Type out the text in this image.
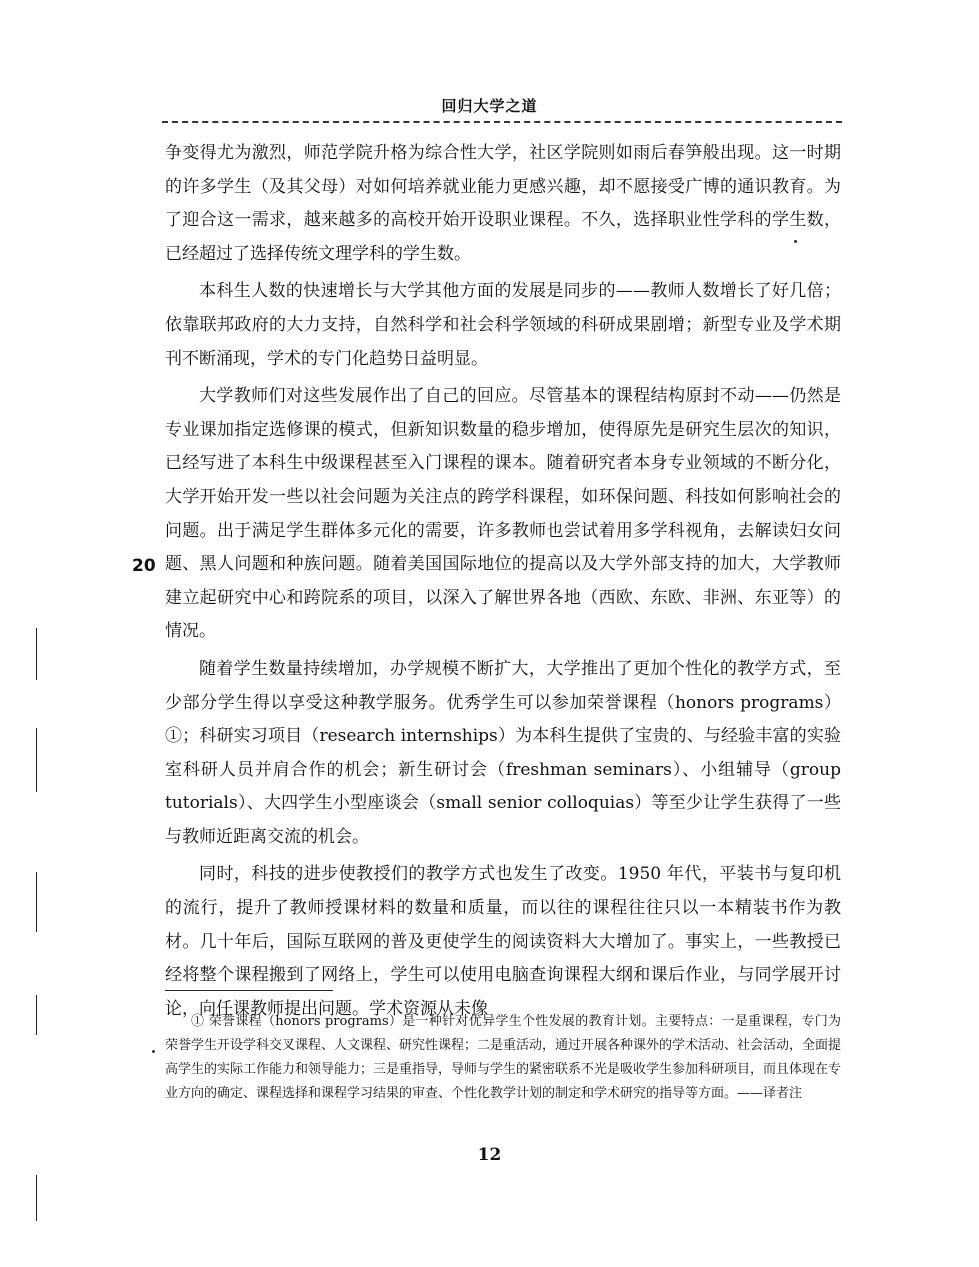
回归大学之道
20

争变得尤为激烈，师范学院升格为综合性大学，社区学院则如雨后春笋般出现。这一时期的许多学生（及其父母）对如何培养就业能力更感兴趣，却不愿接受广博的通识教育。为了迎合这一需求，越来越多的高校开始开设职业课程。不久，选择职业性学科的学生数，已经超过了选择传统文理学科的学生数。

本科生人数的快速增长与大学其他方面的发展是同步的——教师人数增长了好几倍；依靠联邦政府的大力支持，自然科学和社会科学领域的科研成果剧增；新型专业及学术期刊不断涌现，学术的专门化趋势日益明显。

大学教师们对这些发展作出了自己的回应。尽管基本的课程结构原封不动——仍然是专业课加指定选修课的模式，但新知识数量的稳步增加，使得原先是研究生层次的知识，已经写进了本科生中级课程甚至入门课程的课本。随着研究者本身专业领域的不断分化，大学开始开发一些以社会问题为关注点的跨学科课程，如环保问题、科技如何影响社会的问题。出于满足学生群体多元化的需要，许多教师也尝试着用多学科视角，去解读妇女问题、黑人问题和种族问题。随着美国国际地位的提高以及大学外部支持的加大，大学教师建立起研究中心和跨院系的项目，以深入了解世界各地（西欧、东欧、非洲、东亚等）的情况。

随着学生数量持续增加，办学规模不断扩大，大学推出了更加个性化的教学方式，至少部分学生得以享受这种教学服务。优秀学生可以参加荣誉课程（honors programs）①；科研实习项目（research internships）为本科生提供了宝贵的、与经验丰富的实验室科研人员并肩合作的机会；新生研讨会（freshman seminars）、小组辅导（group tutorials）、大四学生小型座谈会（small senior colloquias）等至少让学生获得了一些与教师近距离交流的机会。

同时，科技的进步使教授们的教学方式也发生了改变。1950 年代，平装书与复印机的流行，提升了教师授课材料的数量和质量，而以往的课程往往只以一本精装书作为教材。几十年后，国际互联网的普及更使学生的阅读资料大大增加了。事实上，一些教授已经将整个课程搬到了网络上，学生可以使用电脑查询课程大纲和课后作业，与同学展开讨论，向任课教师提出问题。学术资源从未像

① 荣誉课程（honors programs）是一种针对优异学生个性发展的教育计划。主要特点：一是重课程，专门为荣誉学生开设学科交叉课程、人文课程、研究性课程；二是重活动，通过开展各种课外的学术活动、社会活动，全面提高学生的实际工作能力和领导能力；三是重指导，导师与学生的紧密联系不光是吸收学生参加科研项目，而且体现在专业方向的确定、课程选择和课程学习结果的审查、个性化教学计划的制定和学术研究的指导等方面。——译者注

12
